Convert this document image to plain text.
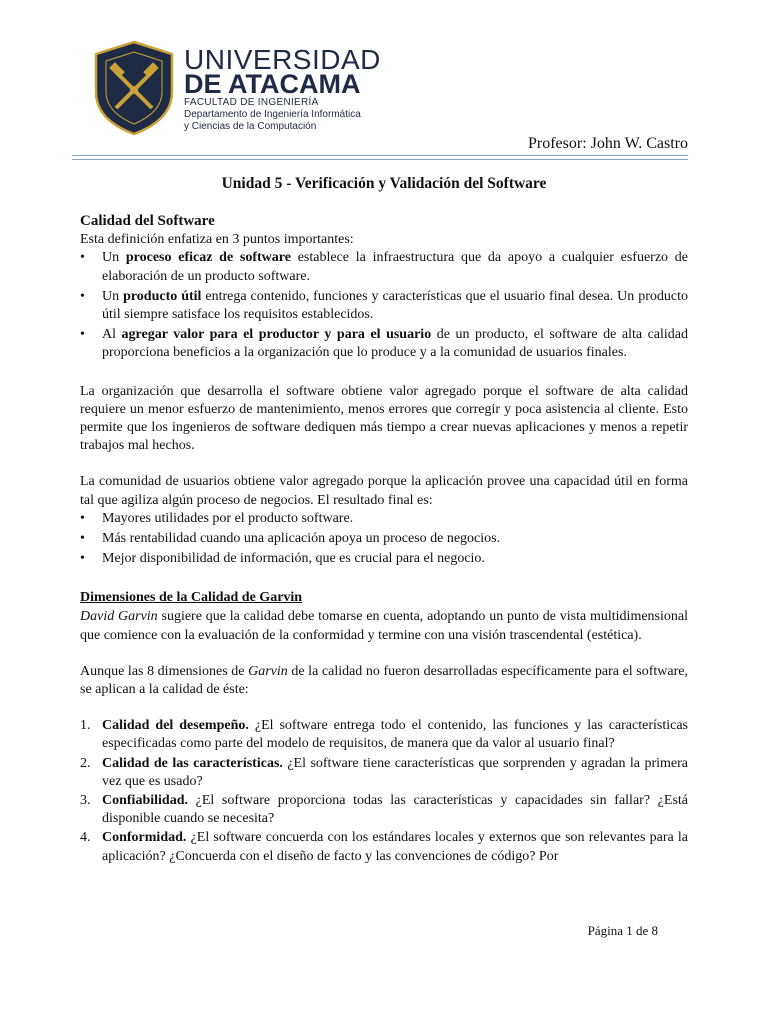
UNIVERSIDAD
DE ATACAMA
FACULTAD DE INGENIERÍA
Departamento de Ingeniería Informática
y Ciencias de la Computación
Profesor: John W. Castro
Unidad 5 - Verificación y Validación del Software
Calidad del Software

Esta definición enfatiza en 3 puntos importantes:

• Un proceso eficaz de software establece la infraestructura que da apoyo a cualquier esfuerzo de elaboración de un producto software.
• Un producto útil entrega contenido, funciones y características que el usuario final desea. Un producto útil siempre satisface los requisitos establecidos.
• Al agregar valor para el productor y para el usuario de un producto, el software de alta calidad proporciona beneficios a la organización que lo produce y a la comunidad de usuarios finales.

La organización que desarrolla el software obtiene valor agregado porque el software de alta calidad requiere un menor esfuerzo de mantenimiento, menos errores que corregir y poca asistencia al cliente. Esto permite que los ingenieros de software dediquen más tiempo a crear nuevas aplicaciones y menos a repetir trabajos mal hechos.

La comunidad de usuarios obtiene valor agregado porque la aplicación provee una capacidad útil en forma tal que agiliza algún proceso de negocios. El resultado final es:

• Mayores utilidades por el producto software.
• Más rentabilidad cuando una aplicación apoya un proceso de negocios.
• Mejor disponibilidad de información, que es crucial para el negocio.
Dimensiones de la Calidad de Garvin

David Garvin sugiere que la calidad debe tomarse en cuenta, adoptando un punto de vista multidimensional que comience con la evaluación de la conformidad y termine con una visión trascendental (estética).

Aunque las 8 dimensiones de Garvin de la calidad no fueron desarrolladas específicamente para el software, se aplican a la calidad de éste:

1. Calidad del desempeño. ¿El software entrega todo el contenido, las funciones y las características especificadas como parte del modelo de requisitos, de manera que da valor al usuario final?
2. Calidad de las características. ¿El software tiene características que sorprenden y agradan la primera vez que es usado?
3. Confiabilidad. ¿El software proporciona todas las características y capacidades sin fallar? ¿Está disponible cuando se necesita?
4. Conformidad. ¿El software concuerda con los estándares locales y externos que son relevantes para la aplicación? ¿Concuerda con el diseño de facto y las convenciones de código? Por
Página 1 de 8
